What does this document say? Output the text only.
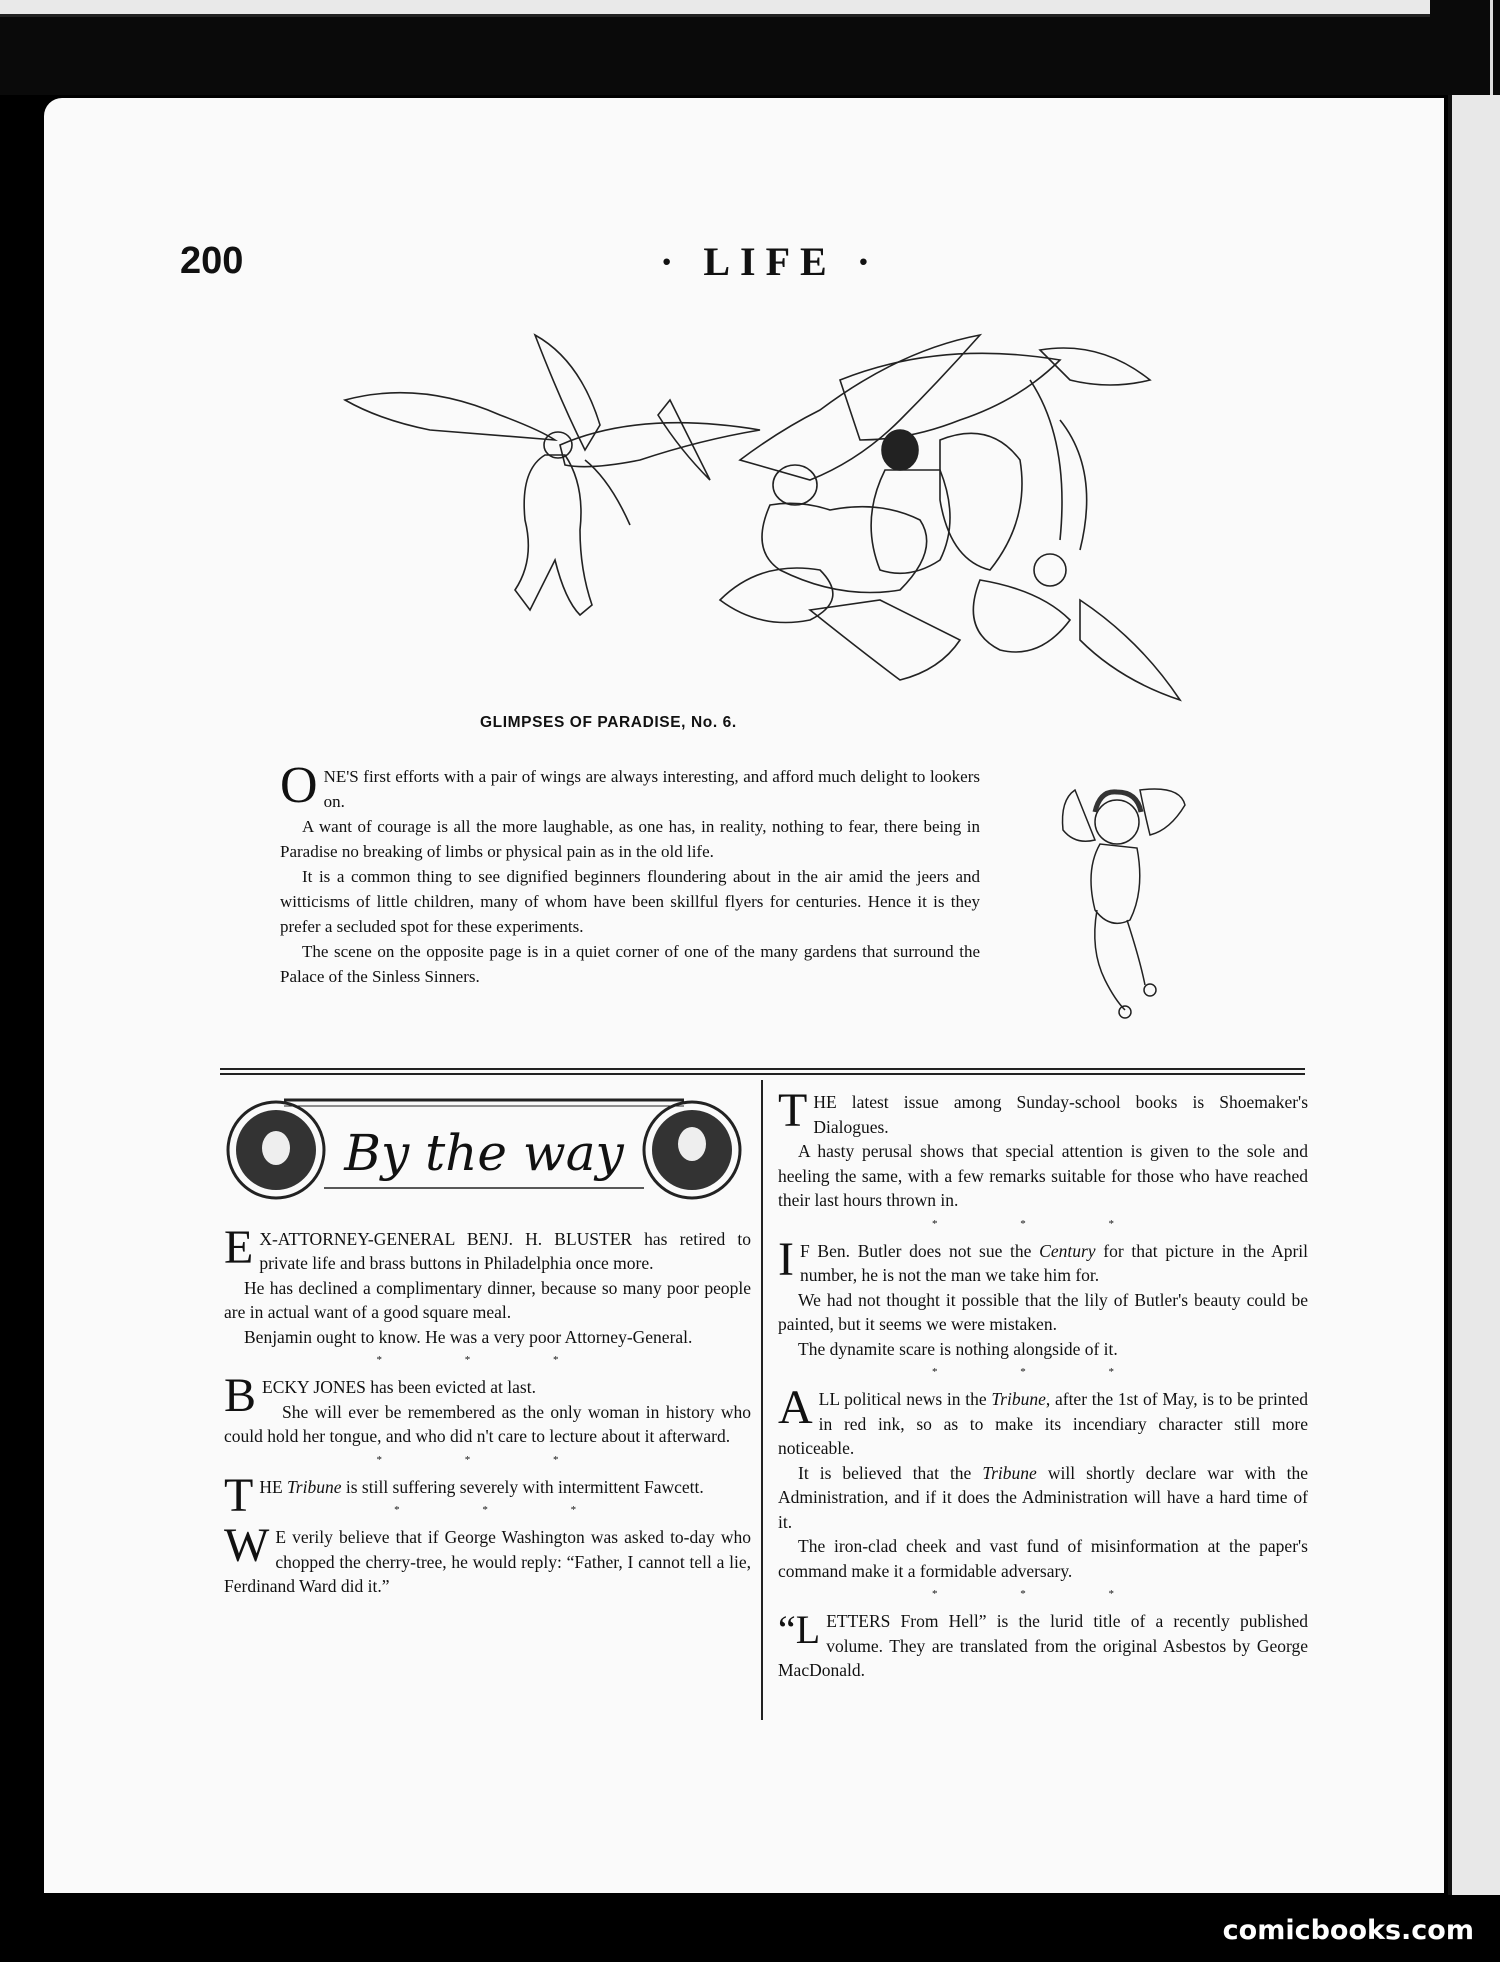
200	· LIFE ·
GLIMPSES OF PARADISE, No. 6.

ONE'S first efforts with a pair of wings are always interesting, and afford much delight to lookers on.

A want of courage is all the more laughable, as one has, in reality, nothing to fear, there being in Paradise no breaking of limbs or physical pain as in the old life.

It is a common thing to see dignified beginners floundering about in the air amid the jeers and witticisms of little children, many of whom have been skillful flyers for centuries. Hence it is they prefer a secluded spot for these experiments.

The scene on the opposite page is in a quiet corner of one of the many gardens that surround the Palace of the Sinless Sinners.

By the way

E X-ATTORNEY-GENERAL BENJ. H. BLUSTER has retired to private life and brass buttons in Philadelphia once more.

He has declined a complimentary dinner, because so many poor people are in actual want of a good square meal.

Benjamin ought to know. He was a very poor Attorney-General.

* * *

BECKY JONES has been evicted at last.

She will ever be remembered as the only woman in history who could hold her tongue, and who did n't care to lecture about it afterward.

* * *

THE Tribune is still suffering severely with intermittent Fawcett.

* * *

W E verily believe that if George Washington was asked to-day who chopped the cherry-tree, he would reply: “Father, I cannot tell a lie, Ferdinand Ward did it.”

THE latest issue among Sunday-school books is Shoemaker's Dialogues.

A hasty perusal shows that special attention is given to the sole and heeling the same, with a few remarks suitable for those who have reached their last hours thrown in.

* * *

I F Ben. Butler does not sue the Century for that picture in the April number, he is not the man we take him for.

We had not thought it possible that the lily of Butler's beauty could be painted, but it seems we were mistaken.

The dynamite scare is nothing alongside of it.

* * *

ALL political news in the Tribune, after the 1st of May, is to be printed in red ink, so as to make its incendiary character still more noticeable.

It is believed that the Tribune will shortly declare war with the Administration, and if it does the Administration will have a hard time of it.

The iron-clad cheek and vast fund of misinformation at the paper's command make it a formidable adversary.

* * *

“LETTERS From Hell” is the lurid title of a recently published volume. They are translated from the original Asbestos by George MacDonald.

comicbooks.com
